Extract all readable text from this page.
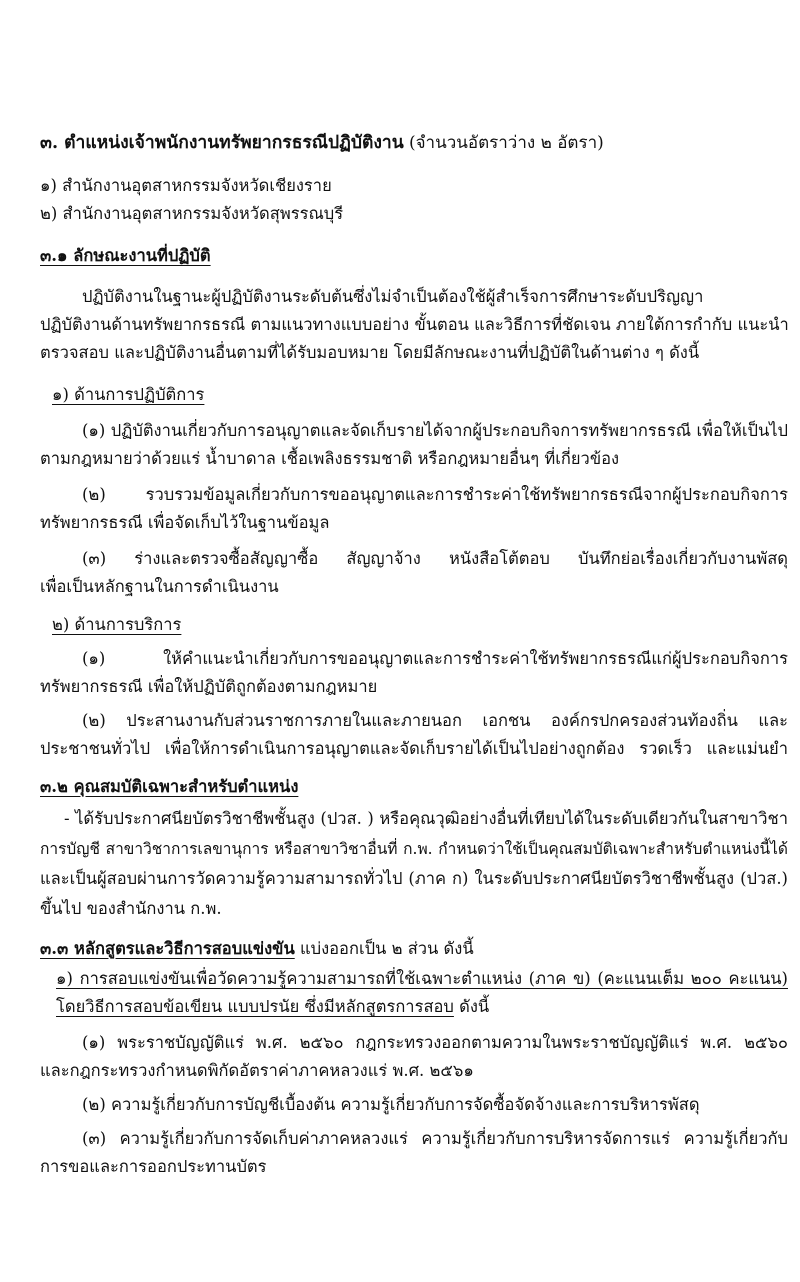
๓. ตำแหน่งเจ้าพนักงานทรัพยากรธรณีปฏิบัติงาน (จำนวนอัตราว่าง ๒ อัตรา)
๑) สำนักงานอุตสาหกรรมจังหวัดเชียงราย
๒) สำนักงานอุตสาหกรรมจังหวัดสุพรรณบุรี
๓.๑ ลักษณะงานที่ปฏิบัติ
ปฏิบัติงานในฐานะผู้ปฏิบัติงานระดับต้นซึ่งไม่จำเป็นต้องใช้ผู้สำเร็จการศึกษาระดับปริญญา
ปฏิบัติงานด้านทรัพยากรธรณี ตามแนวทางแบบอย่าง ขั้นตอน และวิธีการที่ชัดเจน ภายใต้การกำกับ แนะนำ
ตรวจสอบ และปฏิบัติงานอื่นตามที่ได้รับมอบหมาย โดยมีลักษณะงานที่ปฏิบัติในด้านต่าง ๆ ดังนี้
๑) ด้านการปฏิบัติการ
(๑) ปฏิบัติงานเกี่ยวกับการอนุญาตและจัดเก็บรายได้จากผู้ประกอบกิจการทรัพยากรธรณี เพื่อให้เป็นไป
ตามกฎหมายว่าด้วยแร่ น้ำบาดาล เชื้อเพลิงธรรมชาติ หรือกฎหมายอื่นๆ ที่เกี่ยวข้อง
(๒) รวบรวมข้อมูลเกี่ยวกับการขออนุญาตและการชำระค่าใช้ทรัพยากรธรณีจากผู้ประกอบกิจการ
ทรัพยากรธรณี เพื่อจัดเก็บไว้ในฐานข้อมูล
(๓) ร่างและตรวจซื้อสัญญาซื้อ สัญญาจ้าง หนังสือโต้ตอบ บันทึกย่อเรื่องเกี่ยวกับงานพัสดุ
เพื่อเป็นหลักฐานในการดำเนินงาน
๒) ด้านการบริการ
(๑) ให้คำแนะนำเกี่ยวกับการขออนุญาตและการชำระค่าใช้ทรัพยากรธรณีแก่ผู้ประกอบกิจการ
ทรัพยากรธรณี เพื่อให้ปฏิบัติถูกต้องตามกฎหมาย
(๒) ประสานงานกับส่วนราชการภายในและภายนอก เอกชน องค์กรปกครองส่วนท้องถิ่น และ
ประชาชนทั่วไป เพื่อให้การดำเนินการอนุญาตและจัดเก็บรายได้เป็นไปอย่างถูกต้อง รวดเร็ว และแม่นยำ
๓.๒ คุณสมบัติเฉพาะสำหรับตำแหน่ง
- ได้รับประกาศนียบัตรวิชาชีพชั้นสูง (ปวส. ) หรือคุณวุฒิอย่างอื่นที่เทียบได้ในระดับเดียวกันในสาขาวิชา
การบัญชี สาขาวิชาการเลขานุการ หรือสาขาวิชาอื่นที่ ก.พ. กำหนดว่าใช้เป็นคุณสมบัติเฉพาะสำหรับตำแหน่งนี้ได้
และเป็นผู้สอบผ่านการวัดความรู้ความสามารถทั่วไป (ภาค ก) ในระดับประกาศนียบัตรวิชาชีพชั้นสูง (ปวส.)
ขึ้นไป ของสำนักงาน ก.พ.
๓.๓ หลักสูตรและวิธีการสอบแข่งขัน แบ่งออกเป็น ๒ ส่วน ดังนี้
๑) การสอบแข่งขันเพื่อวัดความรู้ความสามารถที่ใช้เฉพาะตำแหน่ง (ภาค ข) (คะแนนเต็ม ๒๐๐ คะแนน)
โดยวิธีการสอบข้อเขียน แบบปรนัย ซึ่งมีหลักสูตรการสอบ ดังนี้
(๑) พระราชบัญญัติแร่ พ.ศ. ๒๕๖๐ กฎกระทรวงออกตามความในพระราชบัญญัติแร่ พ.ศ. ๒๕๖๐
และกฎกระทรวงกำหนดพิกัดอัตราค่าภาคหลวงแร่ พ.ศ. ๒๕๖๑
(๒) ความรู้เกี่ยวกับการบัญชีเบื้องต้น ความรู้เกี่ยวกับการจัดซื้อจัดจ้างและการบริหารพัสดุ
(๓) ความรู้เกี่ยวกับการจัดเก็บค่าภาคหลวงแร่ ความรู้เกี่ยวกับการบริหารจัดการแร่ ความรู้เกี่ยวกับ
การขอและการออกประทานบัตร
